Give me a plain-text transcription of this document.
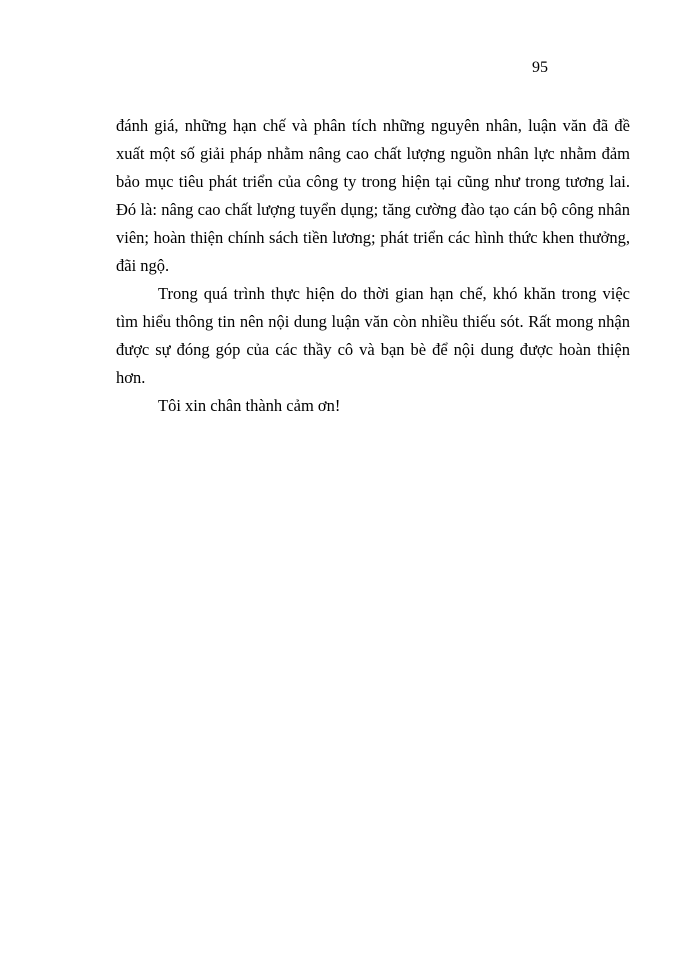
95

đánh giá, những hạn chế và phân tích những nguyên nhân, luận văn đã đề xuất một số giải pháp nhằm nâng cao chất lượng nguồn nhân lực nhằm đảm bảo mục tiêu phát triển của công ty trong hiện tại cũng như trong tương lai. Đó là: nâng cao chất lượng tuyển dụng; tăng cường đào tạo cán bộ công nhân viên; hoàn thiện chính sách tiền lương; phát triển các hình thức khen thưởng, đãi ngộ.

Trong quá trình thực hiện do thời gian hạn chế, khó khăn trong việc tìm hiểu thông tin nên nội dung luận văn còn nhiều thiếu sót. Rất mong nhận được sự đóng góp của các thầy cô và bạn bè để nội dung được hoàn thiện hơn.

Tôi xin chân thành cảm ơn!
